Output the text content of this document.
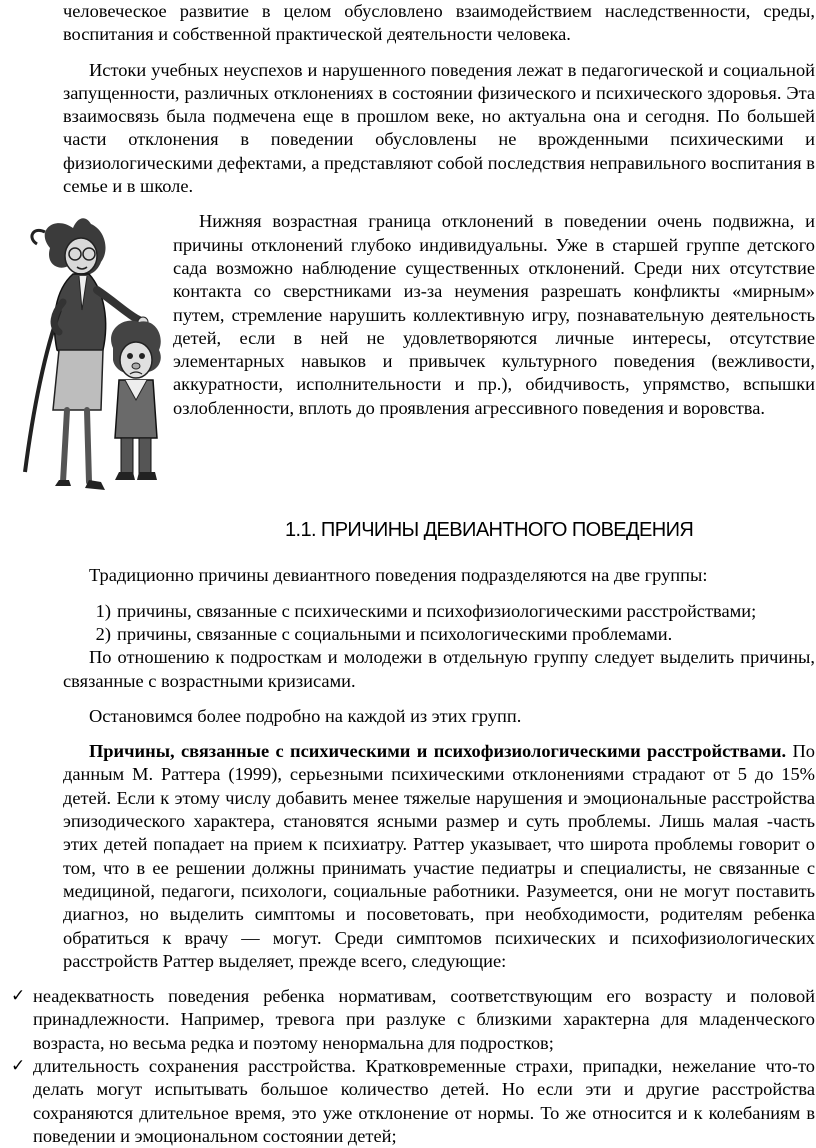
человеческое развитие в целом обусловлено взаимодействием наследственности, среды, воспитания и собственной практической деятельности человека.

Истоки учебных неуспехов и нарушенного поведения лежат в педагогической и социальной запущенности, различных отклонениях в состоянии физического и психического здоровья. Эта взаимосвязь была подмечена еще в прошлом веке, но актуальна она и сегодня. По большей части отклонения в поведении обусловлены не врожденными психическими и физиологическими дефектами, а представляют собой последствия неправильного воспитания в семье и в школе.

Нижняя возрастная граница отклонений в поведении очень подвижна, и причины отклонений глубоко индивидуальны. Уже в старшей группе детского сада возможно наблюдение существенных отклонений. Среди них отсутствие контакта со сверстниками из-за неумения разрешать конфликты «мирным» путем, стремление нарушить коллективную игру, познавательную деятельность детей, если в ней не удовлетворяются личные интересы, отсутствие элементарных навыков и привычек культурного поведения (вежливости, аккуратности, исполнительности и пр.), обидчивость, упрямство, вспышки озлобленности, вплоть до проявления агрессивного поведения и воровства.

1.1. ПРИЧИНЫ ДЕВИАНТНОГО ПОВЕДЕНИЯ

Традиционно причины девиантного поведения подразделяются на две группы:

1) причины, связанные с психическими и психофизиологическими расстройствами;
2) причины, связанные с социальными и психологическими проблемами.

По отношению к подросткам и молодежи в отдельную группу следует выделить причины, связанные с возрастными кризисами.

Остановимся более подробно на каждой из этих групп.

Причины, связанные с психическими и психофизиологическими расстройствами. По данным М. Раттера (1999), серьезными психическими отклонениями страдают от 5 до 15% детей. Если к этому числу добавить менее тяжелые нарушения и эмоциональные расстройства эпизодического характера, становятся ясными размер и суть проблемы. Лишь малая -часть этих детей попадает на прием к психиатру. Раттер указывает, что широта проблемы говорит о том, что в ее решении должны принимать участие педиатры и специалисты, не связанные с медициной, педагоги, психологи, социальные работники. Разумеется, они не могут поставить диагноз, но выделить симптомы и посоветовать, при необходимости, родителям ребенка обратиться к врачу — могут. Среди симптомов психических и психофизиологических расстройств Раттер выделяет, прежде всего, следующие:

✓ неадекватность поведения ребенка нормативам, соответствующим его возрасту и половой принадлежности. Например, тревога при разлуке с близкими характерна для младенческого возраста, но весьма редка и поэтому ненормальна для подростков;
✓ длительность сохранения расстройства. Кратковременные страхи, припадки, нежелание что-то делать могут испытывать большое количество детей. Но если эти и другие расстройства сохраняются длительное время, это уже отклонение от нормы. То же относится и к колебаниям в поведении и эмоциональном состоянии детей;
